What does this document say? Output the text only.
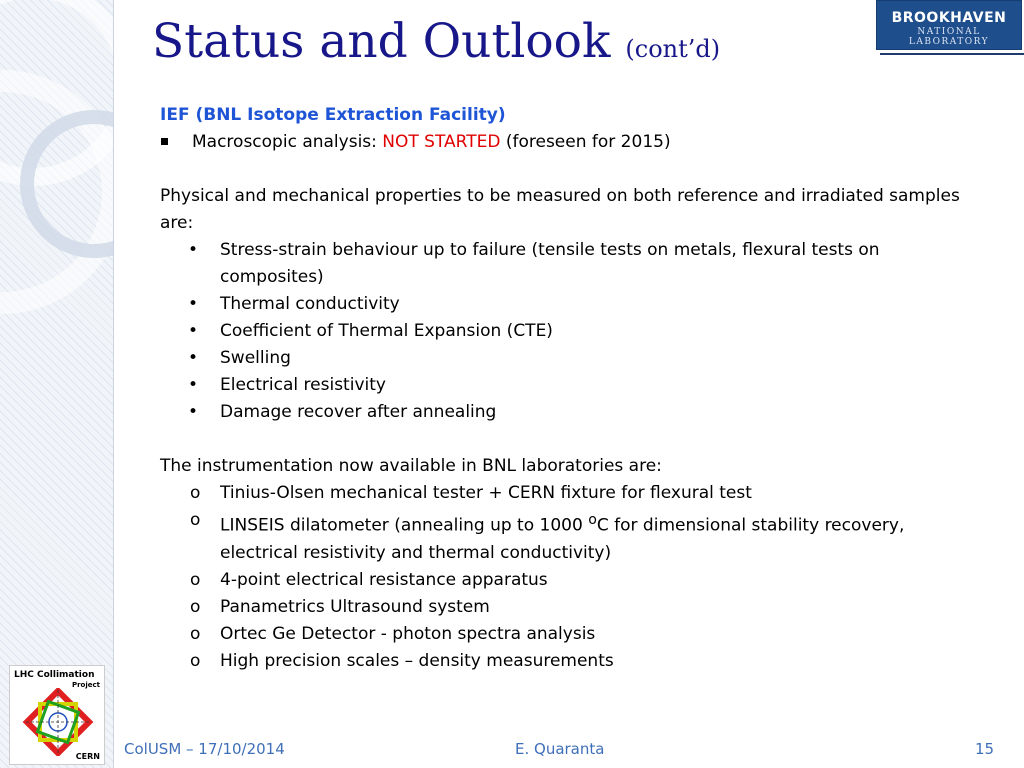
Status and Outlook (cont’d)
BROOKHAVEN
NATIONAL LABORATORY

IEF (BNL Isotope Extraction Facility)

Macroscopic analysis: NOT STARTED (foreseen for 2015)

Physical and mechanical properties to be measured on both reference and irradiated samples are:

•	Stress-strain behaviour up to failure (tensile tests on metals, flexural tests on composites)

•	Thermal conductivity

•	Coefficient of Thermal Expansion (CTE)

•	Swelling

•	Electrical resistivity

•	Damage recover after annealing

The instrumentation now available in BNL laboratories are:

o	Tinius-Olsen mechanical tester + CERN fixture for flexural test

o	LINSEIS dilatometer (annealing up to 1000 $^o$C for dimensional stability recovery, electrical resistivity and thermal conductivity)

o	4-point electrical resistance apparatus

o	Panametrics Ultrasound system

o	Ortec Ge Detector - photon spectra analysis

o	High precision scales – density measurements

LHC Collimation
Project
CERN ColUSM – 17/10/2014	E. Quaranta	15
